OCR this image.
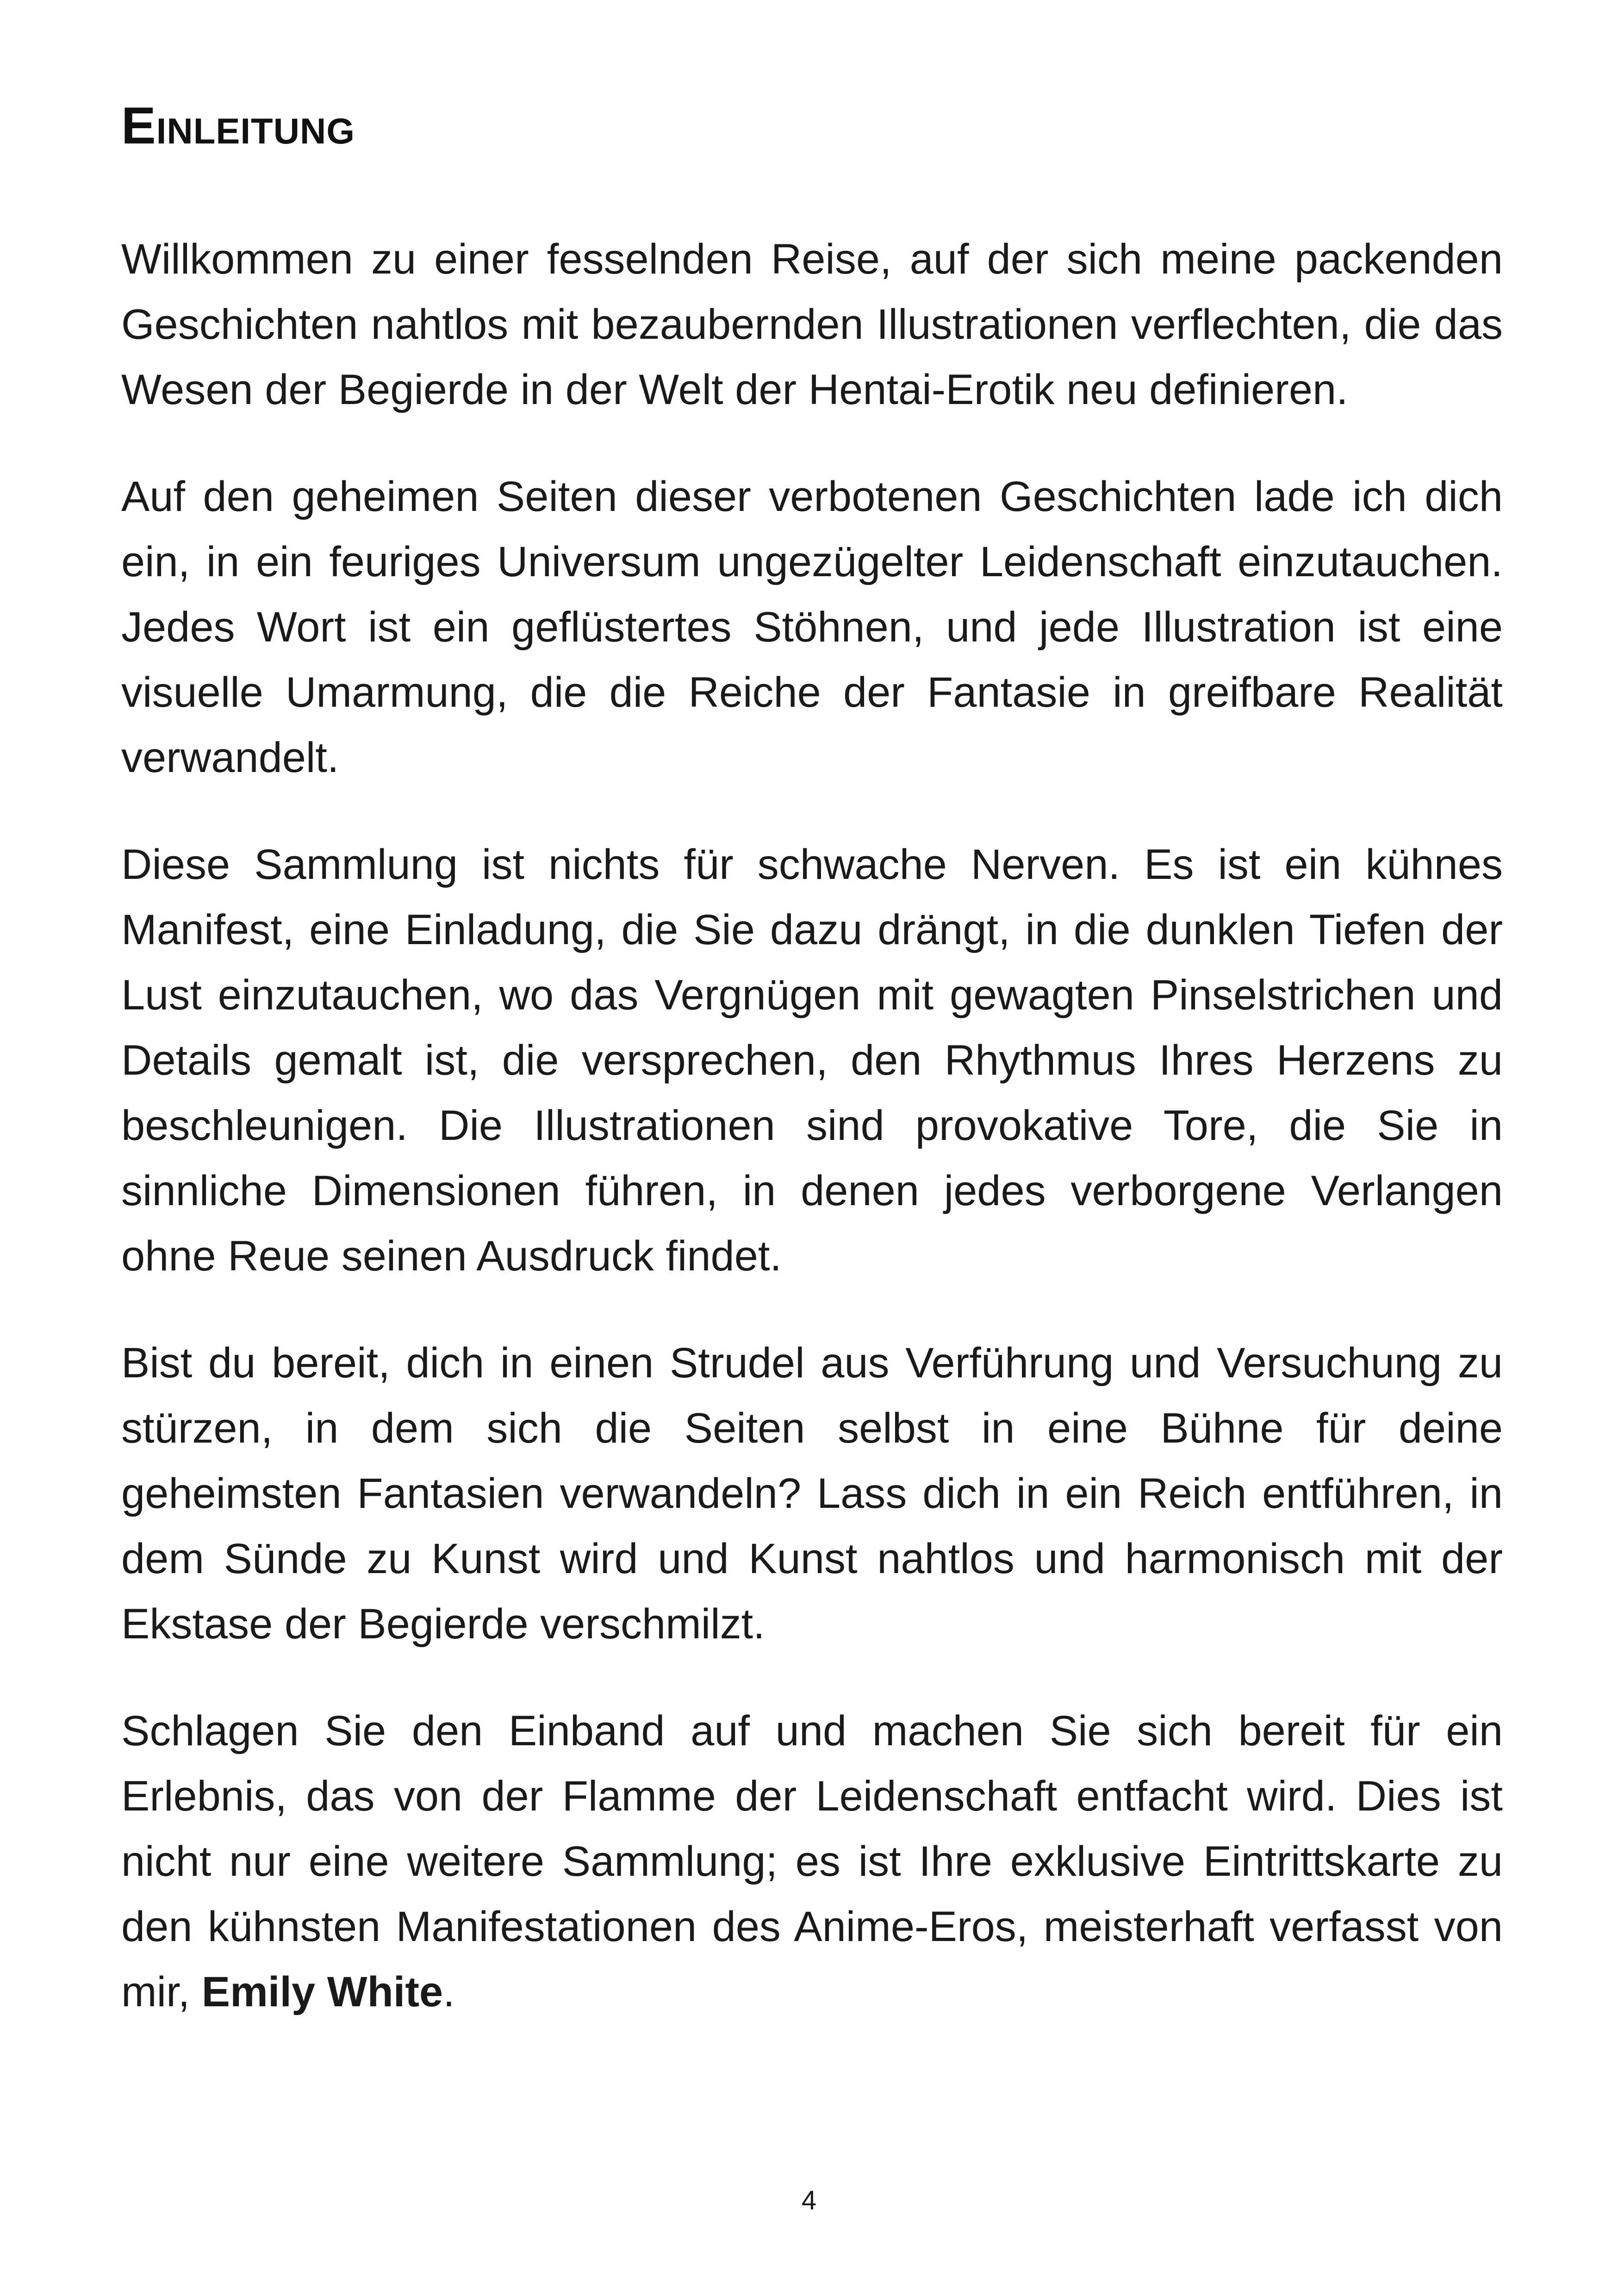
Einleitung

Willkommen zu einer fesselnden Reise, auf der sich meine packenden Geschichten nahtlos mit bezaubernden Illustrationen verflechten, die das Wesen der Begierde in der Welt der Hentai-Erotik neu definieren.

Auf den geheimen Seiten dieser verbotenen Geschichten lade ich dich ein, in ein feuriges Universum ungezügelter Leidenschaft einzutauchen. Jedes Wort ist ein geflüstertes Stöhnen, und jede Illustration ist eine visuelle Umarmung, die die Reiche der Fantasie in greifbare Realität verwandelt.

Diese Sammlung ist nichts für schwache Nerven. Es ist ein kühnes Manifest, eine Einladung, die Sie dazu drängt, in die dunklen Tiefen der Lust einzutauchen, wo das Vergnügen mit gewagten Pinselstrichen und Details gemalt ist, die versprechen, den Rhythmus Ihres Herzens zu beschleunigen. Die Illustrationen sind provokative Tore, die Sie in sinnliche Dimensionen führen, in denen jedes verborgene Verlangen ohne Reue seinen Ausdruck findet.

Bist du bereit, dich in einen Strudel aus Verführung und Versuchung zu stürzen, in dem sich die Seiten selbst in eine Bühne für deine geheimsten Fantasien verwandeln? Lass dich in ein Reich entführen, in dem Sünde zu Kunst wird und Kunst nahtlos und harmonisch mit der Ekstase der Begierde verschmilzt.

Schlagen Sie den Einband auf und machen Sie sich bereit für ein Erlebnis, das von der Flamme der Leidenschaft entfacht wird. Dies ist nicht nur eine weitere Sammlung; es ist Ihre exklusive Eintrittskarte zu den kühnsten Manifestationen des Anime-Eros, meisterhaft verfasst von mir, Emily White.

4
